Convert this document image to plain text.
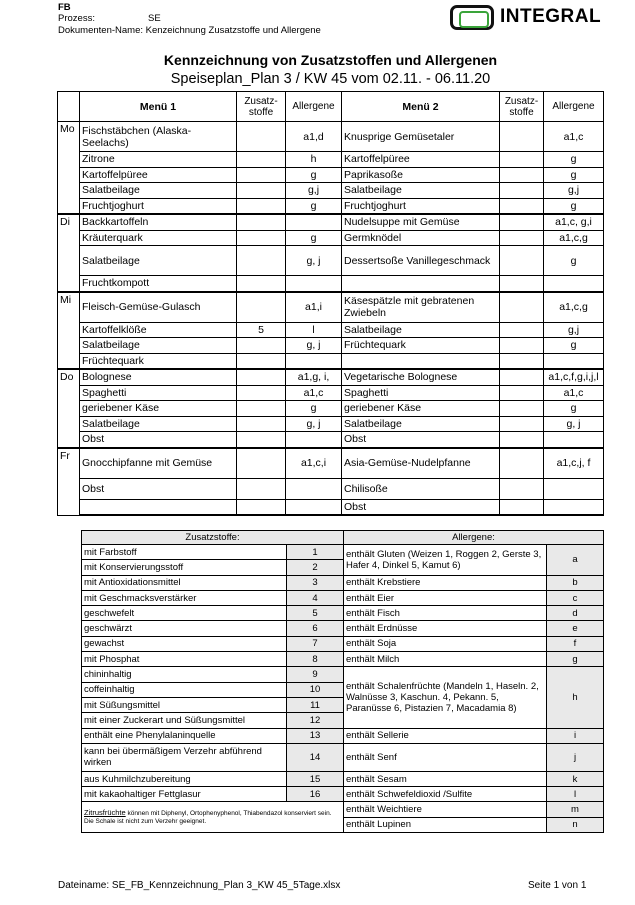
FB
Prozess:	SE
Dokumenten-Name: Kenzeichnung Zusatzstoffe und Allergene
INTEGRAL
Kennzeichnung von Zusatzstoffen und Allergenen
Speiseplan_Plan 3 / KW 45 vom 02.11. - 06.11.20
	Menü 1	Zusatz-stoffe	Allergene	Menü 2	Zusatz-stoffe	Allergene
Mo	Fischstäbchen (Alaska-Seelachs)		a1,d	Knusprige Gemüsetaler		a1,c
	Zitrone		h	Kartoffelpüree		g
	Kartoffelpüree		g	Paprikasoße		g
	Salatbeilage		g,j	Salatbeilage		g,j
	Fruchtjoghurt		g	Fruchtjoghurt		g
Di	Backkartoffeln			Nudelsuppe mit Gemüse		a1,c, g,i
	Kräuterquark		g	Germknödel		a1,c,g
	Salatbeilage		g, j	Dessertsoße Vanillegeschmack		g
	Fruchtkompott					
Mi	Fleisch-Gemüse-Gulasch		a1,i	Käsespätzle mit gebratenen Zwiebeln		a1,c,g
	Kartoffelklöße	5	l	Salatbeilage		g,j
	Salatbeilage		g, j	Früchtequark		g
	Früchtequark					
Do	Bolognese		a1,g, i,	Vegetarische Bolognese		a1,c,f,g,i,j,l
	Spaghetti		a1,c	Spaghetti		a1,c
	geriebener Käse		g	geriebener Käse		g
	Salatbeilage		g, j	Salatbeilage		g, j
	Obst			Obst		
Fr	Gnocchipfanne mit Gemüse		a1,c,i	Asia-Gemüse-Nudelpfanne		a1,c,j, f
	Obst			Chilisoße		
				Obst		
Zusatzstoffe:		Allergene:	
mit Farbstoff	1	enthält Gluten (Weizen 1, Roggen 2, Gerste 3, Hafer 4, Dinkel 5, Kamut 6)	a
mit Konservierungsstoff	2		
mit Antioxidationsmittel	3	enthält Krebstiere	b
mit Geschmacksverstärker	4	enthält Eier	c
geschwefelt	5	enthält Fisch	d
geschwärzt	6	enthält Erdnüsse	e
gewachst	7	enthält Soja	f
mit Phosphat	8	enthält Milch	g
chininhaltig	9	enthält Schalenfrüchte (Mandeln 1, Haseln. 2, Walnüsse 3, Kaschun. 4, Pekann. 5, Paranüsse 6, Pistazien 7, Macadamia 8)	h
coffeinhaltig	10		
mit Süßungsmittel	11		
mit einer Zuckerart und Süßungsmittel	12		
enthält eine Phenylalaninquelle	13	enthält Sellerie	i
kann bei übermäßigem Verzehr abführend wirken	14	enthält Senf	j
aus Kuhmilchzubereitung	15	enthält Sesam	k
mit kakaohaltiger Fettglasur	16	enthält Schwefeldioxid /Sulfite	l
Zitrusfrüchte können mit Diphenyl, Ortophenyphenol, Thiabendazol konserviert sein. Die Schale ist nicht zum Verzehr geeignet.		enthält Weichtiere	m
		enthält Lupinen	n
Dateiname: SE_FB_Kennzeichnung_Plan 3_KW 45_5Tage.xlsx	Seite 1 von 1
